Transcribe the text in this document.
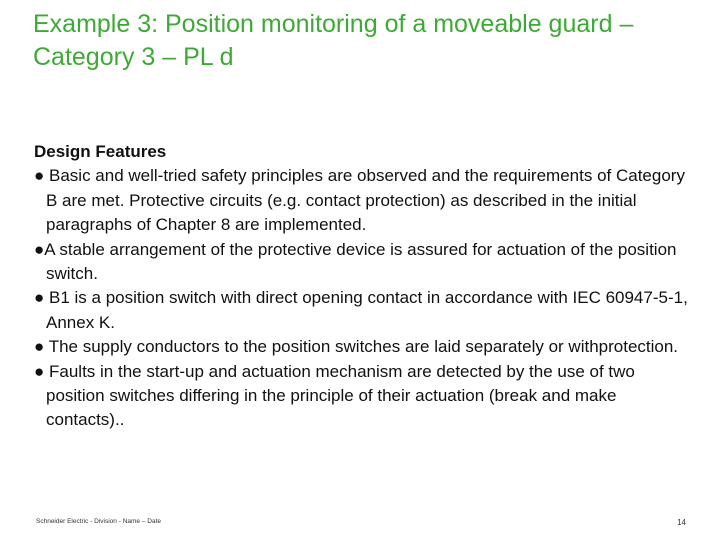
Example 3: Position monitoring of a moveable guard – Category 3 – PL d
Design Features
● Basic and well-tried safety principles are observed and the requirements of Category B are met. Protective circuits (e.g. contact protection) as described in the initial paragraphs of Chapter 8 are implemented.
●A stable arrangement of the protective device is assured for actuation of the position switch.
● B1 is a position switch with direct opening contact in accordance with IEC 60947-5-1, Annex K.
● The supply conductors to the position switches are laid separately or withprotection.
● Faults in the start-up and actuation mechanism are detected by the use of two position switches differing in the principle of their actuation (break and make contacts)..
Schneider Electric - Division - Name – Date	14
